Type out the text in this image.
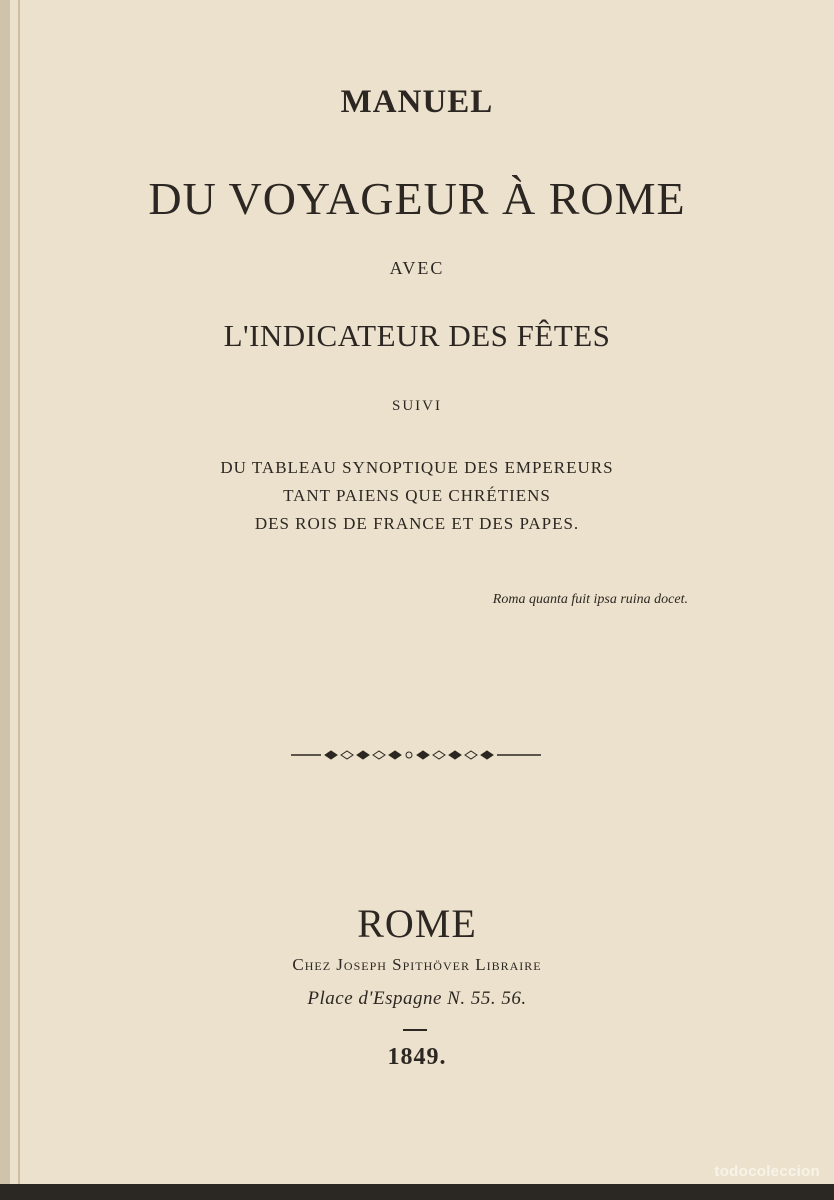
MANUEL
DU VOYAGEUR À ROME
AVEC
L'INDICATEUR DES FÊTES
SUIVI
DU TABLEAU SYNOPTIQUE DES EMPEREURS
TANT PAIENS QUE CHRÉTIENS
DES ROIS DE FRANCE ET DES PAPES.
Roma quanta fuit ipsa ruina docet.
ROME
Chez Joseph Spithöver Libraire
Place d'Espagne N. 55. 56.
1849.
todocoleccion
